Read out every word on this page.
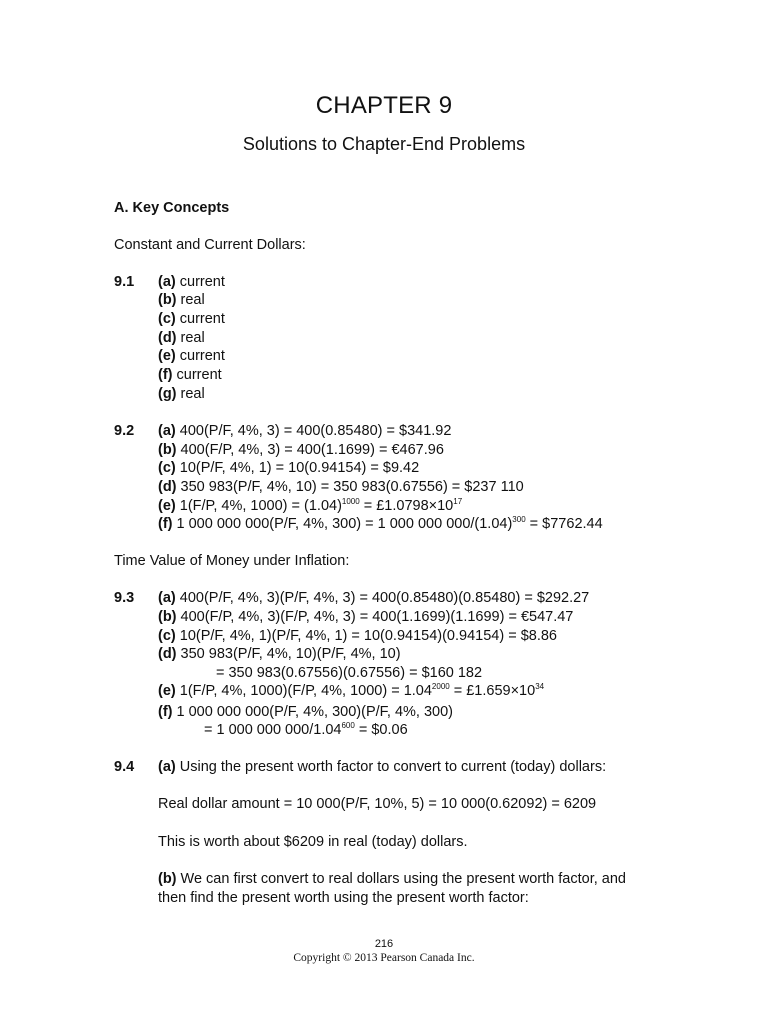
CHAPTER 9
Solutions to Chapter-End Problems
A. Key Concepts
Constant and Current Dollars:
9.1 (a) current
(b) real
(c) current
(d) real
(e) current
(f) current
(g) real
9.2 (a) 400(P/F, 4%, 3) = 400(0.85480) = $341.92
(b) 400(F/P, 4%, 3) = 400(1.1699) = €467.96
(c) 10(P/F, 4%, 1) = 10(0.94154) = $9.42
(d) 350 983(P/F, 4%, 10) = 350 983(0.67556) = $237 110
(e) 1(F/P, 4%, $1000) = (1.04)^{1000}$ = $£1.0798\times 10^{17}$
(f) 1 000 000 000(P/F, 4%, 300) = 1 000 000 $000/(1.04)^{300}$ = $7762.44
Time Value of Money under Inflation:
9.3 (a) 400(P/F, 4%, 3)(P/F, 4%, 3) = 400(0.85480)(0.85480) = $292.27
(b) 400(F/P, 4%, 3)(F/P, 4%, 3) = 400(1.1699)(1.1699) = €547.47
(c) 10(P/F, 4%, 1)(P/F, 4%, 1) = 10(0.94154)(0.94154) = $8.86
(d) 350 983(P/F, 4%, 10)(P/F, 4%, 10)
= 350 983(0.67556)(0.67556) = $160 182
(e) 1(F/P, 4%, 1000)(F/P, 4%, $1000) = 1.04^{2000}$ = $£1.659\times 10^{34}$
(f) 1 000 000 000(P/F, 4%, 300)(P/F, 4%, 300)
= 1 000 000 $000/1.04^{600}$ = $0.06
9.4 (a) Using the present worth factor to convert to current (today) dollars:
Real dollar amount = 10 000(P/F, 10%, 5) = 10 000(0.62092) = 6209
This is worth about $6209 in real (today) dollars.
(b) We can first convert to real dollars using the present worth factor, and
then find the present worth using the present worth factor:
216
Copyright © 2013 Pearson Canada Inc.
